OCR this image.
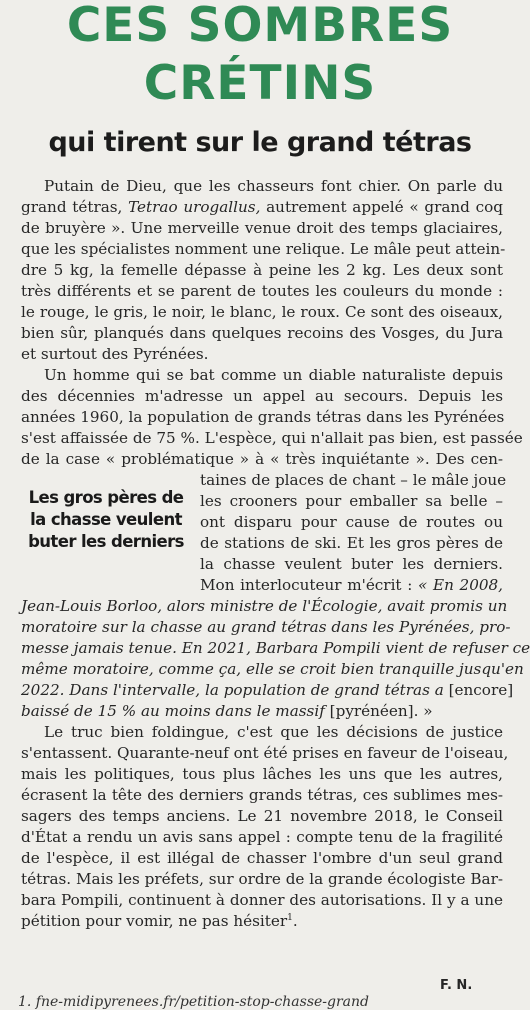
CES SOMBRES
CRÉTINS
qui tirent sur le grand tétras
Putain de Dieu, que les chasseurs font chier. On parle du
grand tétras, Tetrao urogallus, autrement appelé « grand coq
de bruyère ». Une merveille venue droit des temps glaciaires,
que les spécialistes nomment une relique. Le mâle peut attein-
dre 5 kg, la femelle dépasse à peine les 2 kg. Les deux sont
très différents et se parent de toutes les couleurs du monde :
le rouge, le gris, le noir, le blanc, le roux. Ce sont des oiseaux,
bien sûr, planqués dans quelques recoins des Vosges, du Jura
et surtout des Pyrénées.
Un homme qui se bat comme un diable naturaliste depuis
des décennies m'adresse un appel au secours. Depuis les
années 1960, la population de grands tétras dans les Pyrénées
s'est affaissée de 75 %. L'espèce, qui n'allait pas bien, est passée
de la case « problématique » à « très inquiétante ». Des cen-
taines de places de chant – le mâle joue
les crooners pour emballer sa belle –
ont disparu pour cause de routes ou
de stations de ski. Et les gros pères de
la chasse veulent buter les derniers.
Mon interlocuteur m'écrit : « En 2008,
Jean-Louis Borloo, alors ministre de l'Écologie, avait promis un
moratoire sur la chasse au grand tétras dans les Pyrénées, pro-
messe jamais tenue. En 2021, Barbara Pompili vient de refuser ce
même moratoire, comme ça, elle se croit bien tranquille jusqu'en
2022. Dans l'intervalle, la population de grand tétras a [encore]
baissé de 15 % au moins dans le massif [pyrénéen]. »
Le truc bien foldingue, c'est que les décisions de justice
s'entassent. Quarante-neuf ont été prises en faveur de l'oiseau,
mais les politiques, tous plus lâches les uns que les autres,
écrasent la tête des derniers grands tétras, ces sublimes mes-
sagers des temps anciens. Le 21 novembre 2018, le Conseil
d'État a rendu un avis sans appel : compte tenu de la fragilité
de l'espèce, il est illégal de chasser l'ombre d'un seul grand
tétras. Mais les préfets, sur ordre de la grande écologiste Bar-
bara Pompili, continuent à donner des autorisations. Il y a une
pétition pour vomir, ne pas hésiter$^1$.
Les gros pères de
la chasse veulent
buter les derniers
F. N.
1. fne-midipyrenees.fr/petition-stop-chasse-grand
